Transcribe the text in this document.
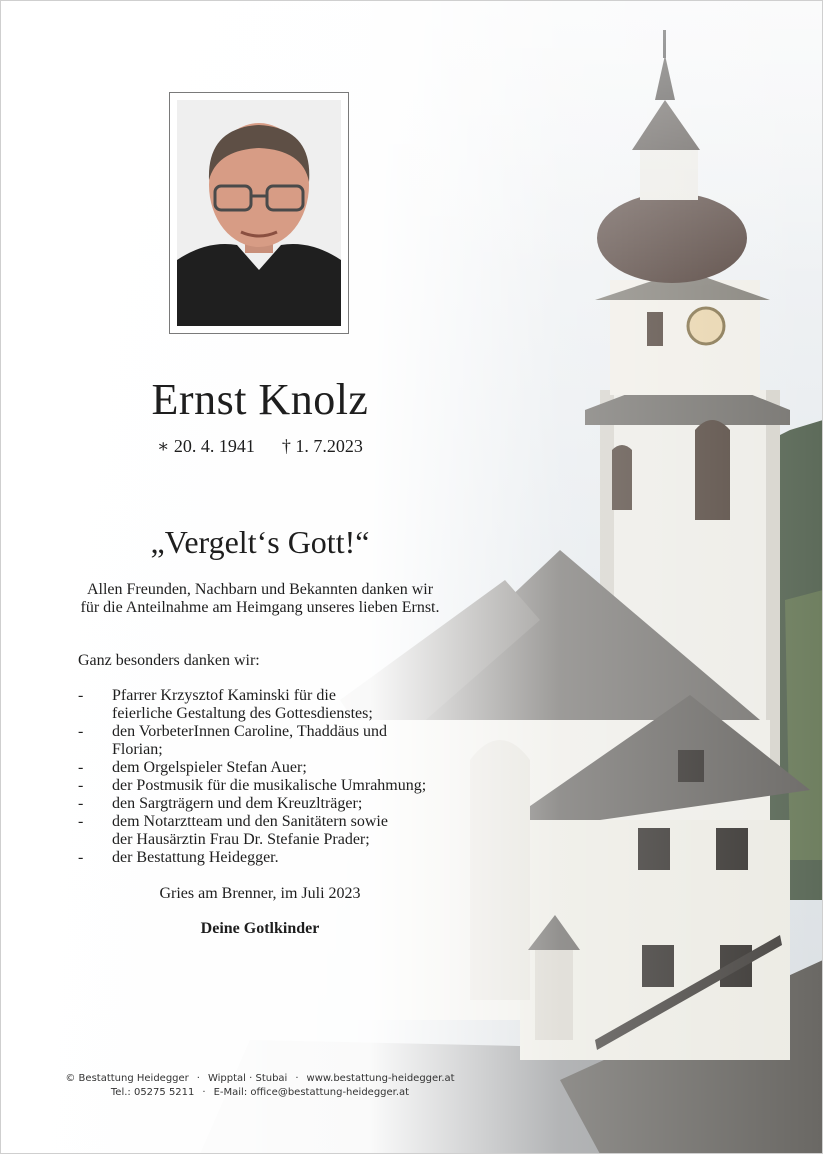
Ernst Knolz
∗ 20. 4. 1941 † 1. 7.2023
„Vergelt‘s Gott!“
Allen Freunden, Nachbarn und Bekannten danken wir
für die Anteilnahme am Heimgang unseres lieben Ernst.
Ganz besonders danken wir:
- Pfarrer Krzysztof Kaminski für die
feierliche Gestaltung des Gottesdienstes;
- den VorbeterInnen Caroline, Thaddäus und
Florian;
- dem Orgelspieler Stefan Auer;
- der Postmusik für die musikalische Umrahmung;
- den Sargträgern und dem Kreuzlträger;
- dem Notarztteam und den Sanitätern sowie
der Hausärztin Frau Dr. Stefanie Prader;
- der Bestattung Heidegger.
Gries am Brenner, im Juli 2023
Deine Gotlkinder
© Bestattung Heidegger · Wipptal · Stubai · www.bestattung-heidegger.at
Tel.: 05275 5211 · E-Mail: office@bestattung-heidegger.at
